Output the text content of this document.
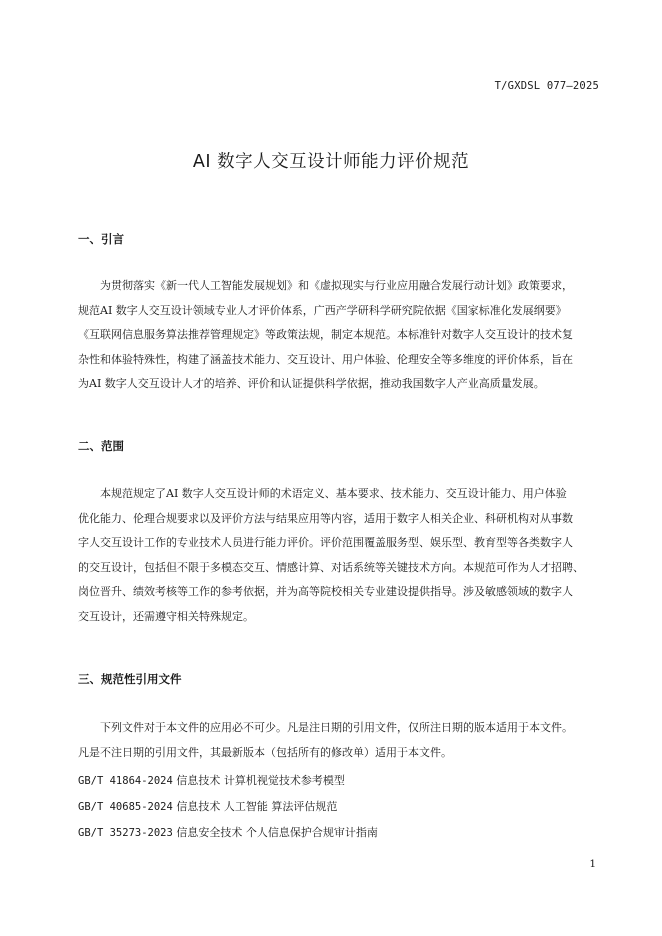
T/GXDSL 077—2025
AI 数字人交互设计师能力评价规范
一、引言
为贯彻落实《新一代人工智能发展规划》和《虚拟现实与行业应用融合发展行动计划》政策要求，
规范AI 数字人交互设计领域专业人才评价体系，广西产学研科学研究院依据《国家标准化发展纲要》
《互联网信息服务算法推荐管理规定》等政策法规，制定本规范。本标准针对数字人交互设计的技术复
杂性和体验特殊性，构建了涵盖技术能力、交互设计、用户体验、伦理安全等多维度的评价体系，旨在
为AI 数字人交互设计人才的培养、评价和认证提供科学依据，推动我国数字人产业高质量发展。
二、范围
本规范规定了AI 数字人交互设计师的术语定义、基本要求、技术能力、交互设计能力、用户体验
优化能力、伦理合规要求以及评价方法与结果应用等内容，适用于数字人相关企业、科研机构对从事数
字人交互设计工作的专业技术人员进行能力评价。评价范围覆盖服务型、娱乐型、教育型等各类数字人
的交互设计，包括但不限于多模态交互、情感计算、对话系统等关键技术方向。本规范可作为人才招聘、
岗位晋升、绩效考核等工作的参考依据，并为高等院校相关专业建设提供指导。涉及敏感领域的数字人
交互设计，还需遵守相关特殊规定。
三、规范性引用文件
下列文件对于本文件的应用必不可少。凡是注日期的引用文件，仅所注日期的版本适用于本文件。
凡是不注日期的引用文件，其最新版本（包括所有的修改单）适用于本文件。
GB/T 41864-2024 信息技术 计算机视觉技术参考模型
GB/T 40685-2024 信息技术 人工智能 算法评估规范
GB/T 35273-2023 信息安全技术 个人信息保护合规审计指南
1
